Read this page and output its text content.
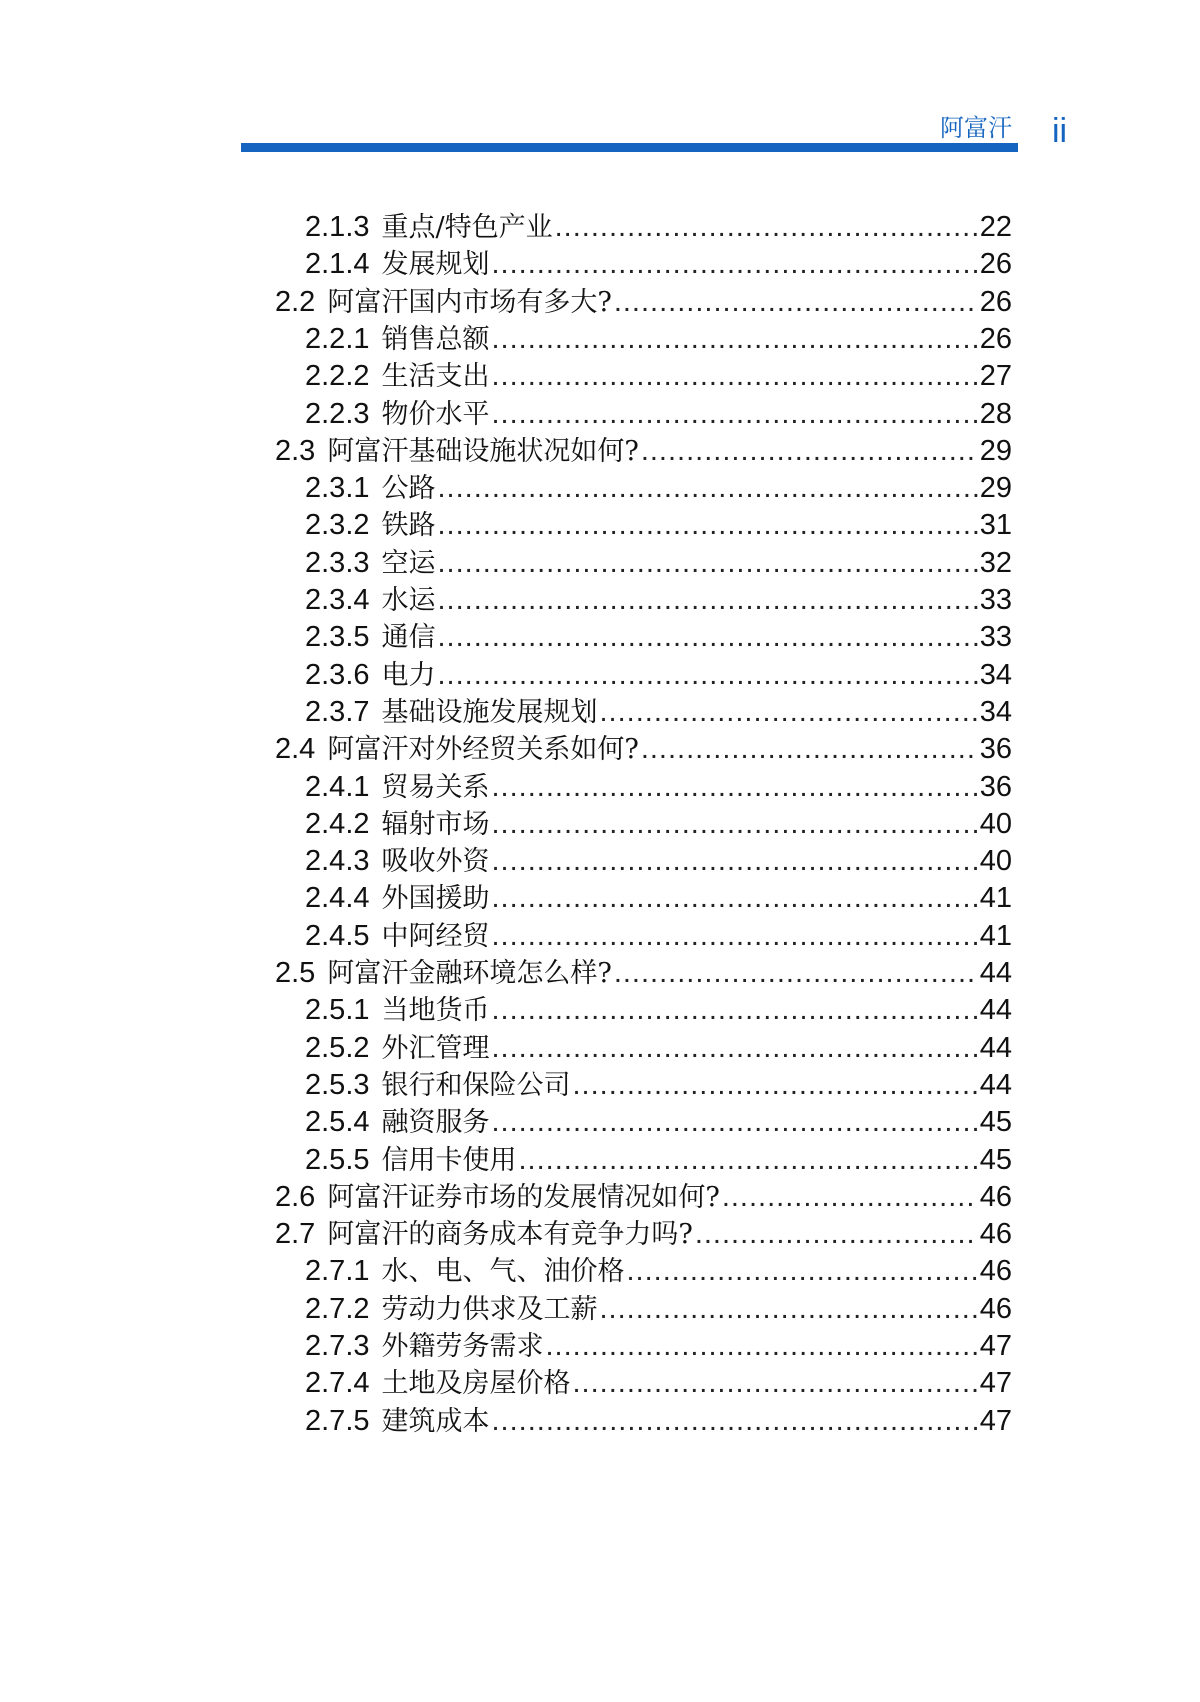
阿富汗 ii
2.1.3 重点/特色产业 .....	22
2.1.4 发展规划 .....	26
2.2 阿富汗国内市场有多大? .....	26
2.2.1 销售总额 .....	26
2.2.2 生活支出 .....	27
2.2.3 物价水平 .....	28
2.3 阿富汗基础设施状况如何? .....	29
2.3.1 公路 .....	29
2.3.2 铁路 .....	31
2.3.3 空运 .....	32
2.3.4 水运 .....	33
2.3.5 通信 .....	33
2.3.6 电力 .....	34
2.3.7 基础设施发展规划 .....	34
2.4 阿富汗对外经贸关系如何? .....	36
2.4.1 贸易关系 .....	36
2.4.2 辐射市场 .....	40
2.4.3 吸收外资 .....	40
2.4.4 外国援助 .....	41
2.4.5 中阿经贸 .....	41
2.5 阿富汗金融环境怎么样? .....	44
2.5.1 当地货币 .....	44
2.5.2 外汇管理 .....	44
2.5.3 银行和保险公司 .....	44
2.5.4 融资服务 .....	45
2.5.5 信用卡使用 .....	45
2.6 阿富汗证券市场的发展情况如何? .....	46
2.7 阿富汗的商务成本有竞争力吗? .....	46
2.7.1 水、电、气、油价格 .....	46
2.7.2 劳动力供求及工薪 .....	46
2.7.3 外籍劳务需求 .....	47
2.7.4 土地及房屋价格 .....	47
2.7.5 建筑成本 .....	47
